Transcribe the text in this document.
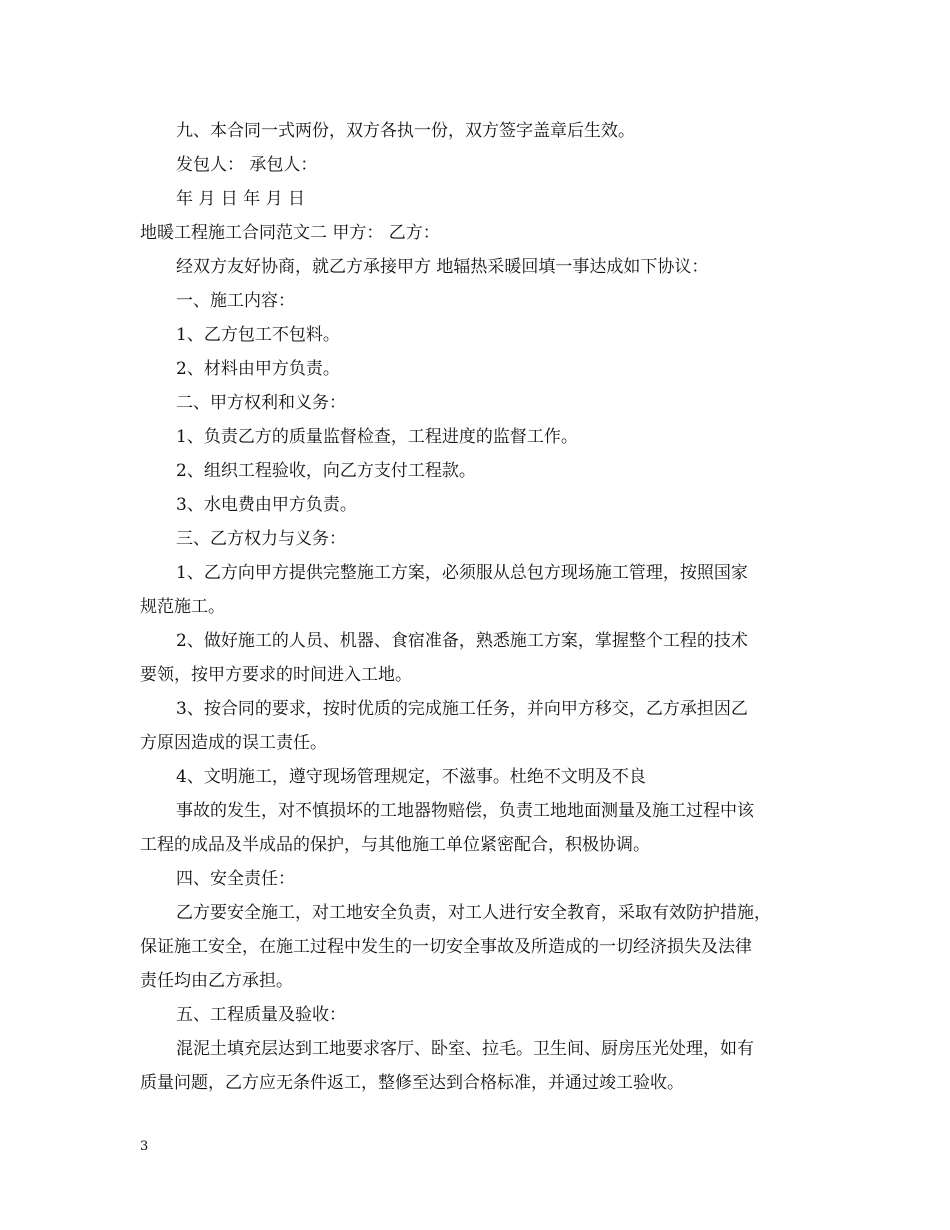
九、本合同一式两份，双方各执一份，双方签字盖章后生效。
发包人： 承包人：
年 月 日 年 月 日
地暖工程施工合同范文二 甲方： 乙方：
经双方友好协商，就乙方承接甲方 地辐热采暖回填一事达成如下协议：
一、施工内容：
1、乙方包工不包料。
2、材料由甲方负责。
二、甲方权利和义务：
1、负责乙方的质量监督检查，工程进度的监督工作。
2、组织工程验收，向乙方支付工程款。
3、水电费由甲方负责。
三、乙方权力与义务：
1、乙方向甲方提供完整施工方案，必须服从总包方现场施工管理，按照国家
规范施工。
2、做好施工的人员、机器、食宿准备，熟悉施工方案，掌握整个工程的技术
要领，按甲方要求的时间进入工地。
3、按合同的要求，按时优质的完成施工任务，并向甲方移交，乙方承担因乙
方原因造成的误工责任。
4、文明施工，遵守现场管理规定，不滋事。杜绝不文明及不良
事故的发生，对不慎损坏的工地器物赔偿，负责工地地面测量及施工过程中该
工程的成品及半成品的保护，与其他施工单位紧密配合，积极协调。
四、安全责任：
乙方要安全施工，对工地安全负责，对工人进行安全教育，采取有效防护措施，
保证施工安全，在施工过程中发生的一切安全事故及所造成的一切经济损失及法律
责任均由乙方承担。
五、工程质量及验收：
混泥土填充层达到工地要求客厅、卧室、拉毛。卫生间、厨房压光处理，如有
质量问题，乙方应无条件返工，整修至达到合格标准，并通过竣工验收。
3
